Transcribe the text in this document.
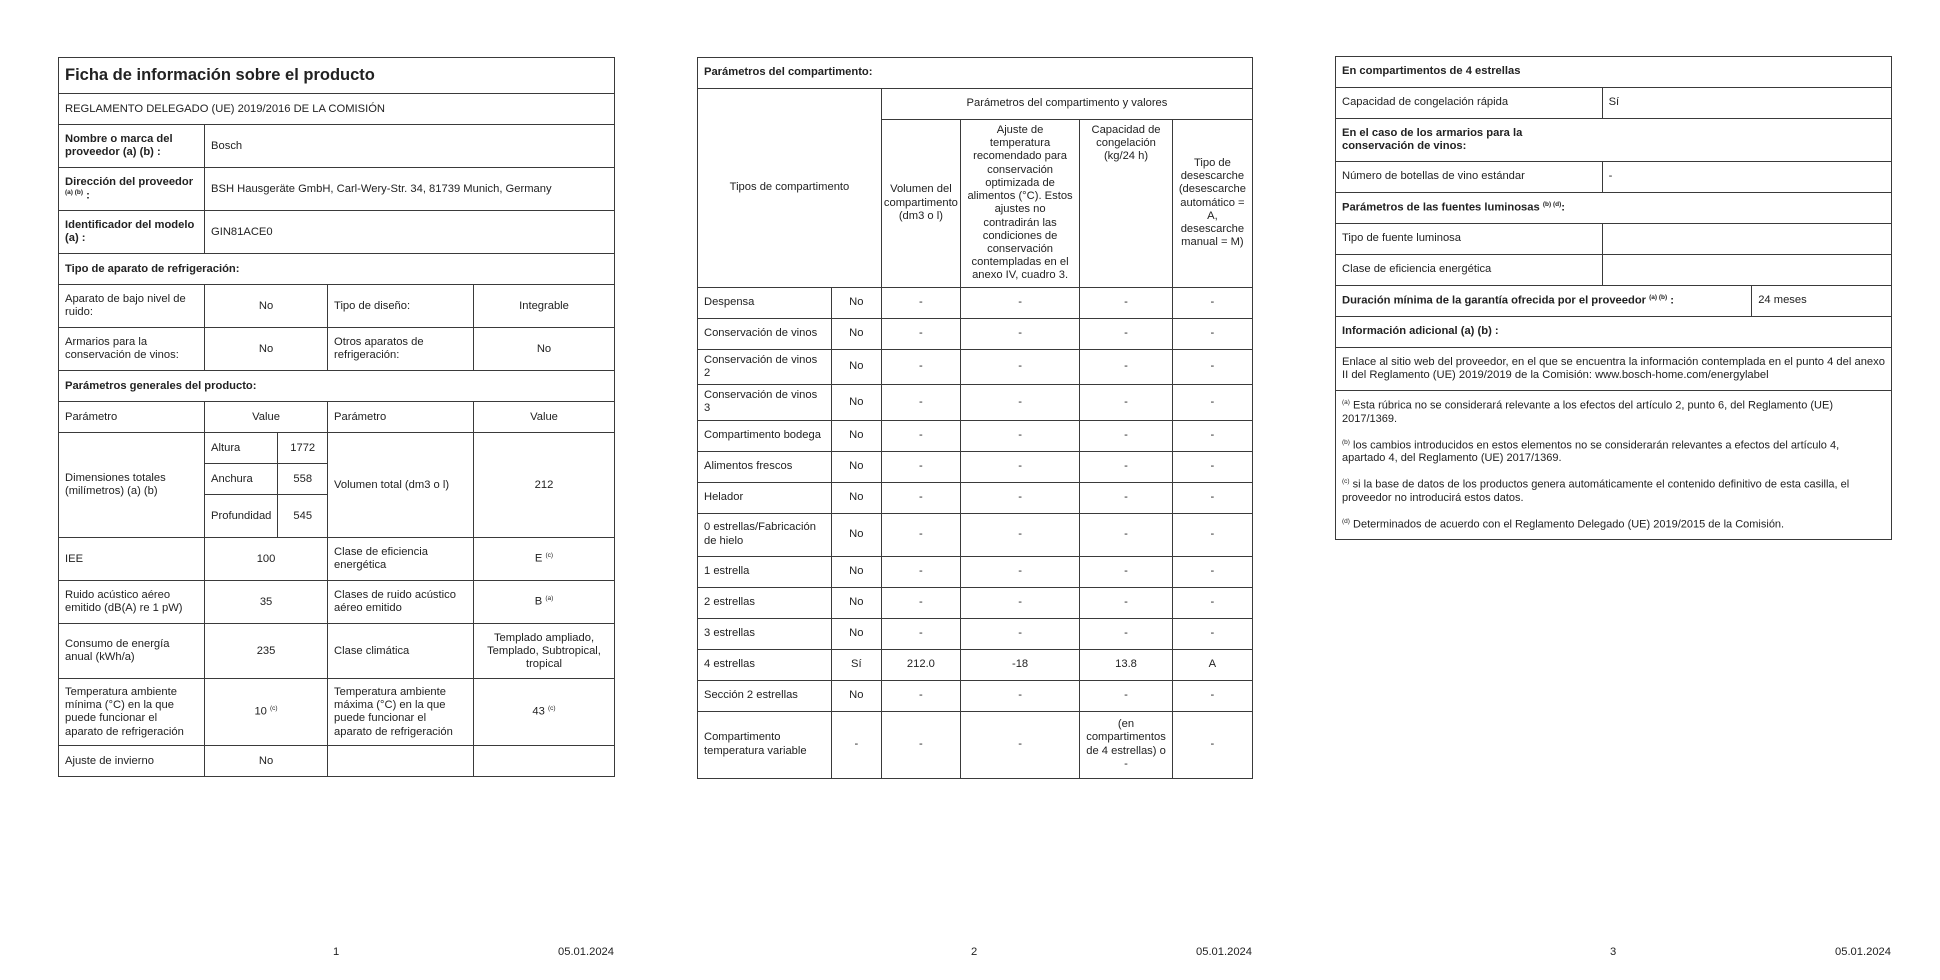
Ficha de información sobre el producto				
REGLAMENTO DELEGADO (UE) 2019/2016 DE LA COMISIÓN				
Nombre o marca del proveedor (a) (b) :	Bosch			
Dirección del proveedor
$^{(a) (b)}$ :	BSH Hausgeräte GmbH, Carl-Wery-Str. 34, 81739 Munich, Germany			
Identificador del modelo (a) :	GIN81ACE0			
Tipo de aparato de refrigeración:				
Aparato de bajo nivel de ruido:	No		Tipo de diseño:	Integrable
Armarios para la conservación de vinos:	No		Otros aparatos de refrigeración:	No
Parámetros generales del producto:				
Parámetro	Value		Parámetro	Value
Dimensiones totales (milímetros) (a) (b)	Altura	1772	Volumen total (dm3 o l)	212
	Anchura	558		
	Profundidad	545		
IEE	100		Clase de eficiencia energética	E $^{(c)}$
Ruido acústico aéreo emitido (dB(A) re 1 pW)	35		Clases de ruido acústico aéreo emitido	B $^{(a)}$
Consumo de energía anual (kWh/a)	235		Clase climática	Templado ampliado, Templado, Subtropical, tropical
Temperatura ambiente mínima (°C) en la que puede funcionar el aparato de refrigeración	10 $^{(c)}$		Temperatura ambiente máxima (°C) en la que puede funcionar el aparato de refrigeración	43 $^{(c)}$
Ajuste de invierno	No			
1	05.01.2024
Parámetros del compartimento:					
Tipos de compartimento		Parámetros del compartimento y valores			
		Volumen del compartimento (dm3 o l)	Ajuste de temperatura recomendado para conservación optimizada de alimentos (°C). Estos ajustes no contradirán las condiciones de conservación contempladas en el anexo IV, cuadro 3.	Capacidad de congelación (kg/24 h)	Tipo de desescarche (desescarche automático = A, desescarche manual = M)
Despensa	No	-	-	-	-
Conservación de vinos	No	-	-	-	-
Conservación de vinos 2	No	-	-	-	-
Conservación de vinos 3	No	-	-	-	-
Compartimento bodega	No	-	-	-	-
Alimentos frescos	No	-	-	-	-
Helador	No	-	-	-	-
0 estrellas/Fabricación de hielo	No	-	-	-	-
1 estrella	No	-	-	-	-
2 estrellas	No	-	-	-	-
3 estrellas	No	-	-	-	-
4 estrellas	Sí	212.0	-18	13.8	A
Sección 2 estrellas	No	-	-	-	-
Compartimento temperatura variable	-	-	-	(en compartimentos de 4 estrellas) o -	-
2	05.01.2024
En compartimentos de 4 estrellas		
Capacidad de congelación rápida	Sí	
En el caso de los armarios para la conservación de vinos:		
Número de botellas de vino estándar	-	
Parámetros de las fuentes luminosas $^{(b) (d)}$:		
Tipo de fuente luminosa		
Clase de eficiencia energética		
Duración mínima de la garantía ofrecida por el proveedor $^{(a) (b)}$ :		24 meses
Información adicional (a) (b) :		
Enlace al sitio web del proveedor, en el que se encuentra la información contemplada en el punto 4 del anexo II del Reglamento (UE) 2019/2019 de la Comisión: www.bosch-home.com/energylabel		

$^{(a)}$ Esta rúbrica no se considerará relevante a los efectos del artículo 2, punto 6, del Reglamento (UE) 2017/1369.
$^{(b)}$ los cambios introducidos en estos elementos no se considerarán relevantes a efectos del artículo 4, apartado 4, del Reglamento (UE) 2017/1369.
$^{(c)}$ si la base de datos de los productos genera automáticamente el contenido definitivo de esta casilla, el proveedor no introducirá estos datos.
$^{(d)}$ Determinados de acuerdo con el Reglamento Delegado (UE) 2019/2015 de la Comisión.		
3	05.01.2024
